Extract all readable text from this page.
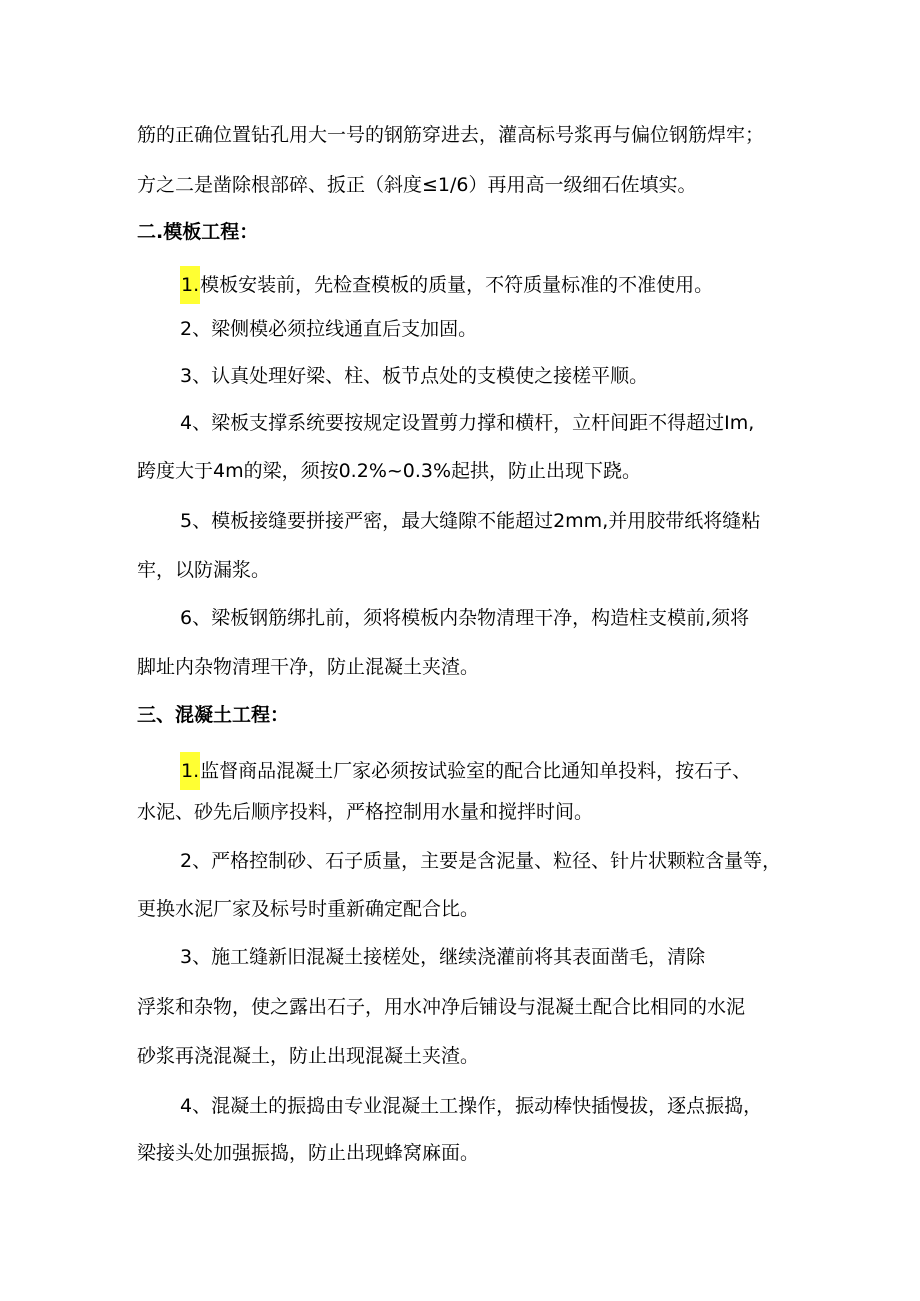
筋的正确位置钻孔用大一号的钢筋穿进去，灌高标号浆再与偏位钢筋焊牢；
方之二是凿除根部碎、扳正（斜度≤1/6）再用高一级细石佐填实。
二.模板工程：
1.模板安装前，先检查模板的质量，不符质量标准的不准使用。
2、梁侧模必须拉线通直后支加固。
3、认真处理好梁、柱、板节点处的支模使之接槎平顺。
4、梁板支撑系统要按规定设置剪力撑和横杆，立杆间距不得超过Im,
跨度大于4m的梁，须按0.2%~0.3%起拱，防止出现下跷。
5、模板接缝要拼接严密，最大缝隙不能超过2mm,并用胶带纸将缝粘
牢，以防漏浆。
6、梁板钢筋绑扎前，须将模板内杂物清理干净，构造柱支模前,须将
脚址内杂物清理干净，防止混凝土夹渣。
三、混凝土工程：
1.监督商品混凝土厂家必须按试验室的配合比通知单投料，按石子、
水泥、砂先后顺序投料，严格控制用水量和搅拌时间。
2、严格控制砂、石子质量，主要是含泥量、粒径、针片状颗粒含量等，
更换水泥厂家及标号时重新确定配合比。
3、施工缝新旧混凝土接槎处，继续浇灌前将其表面凿毛，清除
浮浆和杂物，使之露出石子，用水冲净后铺设与混凝土配合比相同的水泥
砂浆再浇混凝土，防止出现混凝土夹渣。
4、混凝土的振捣由专业混凝土工操作，振动棒快插慢拔，逐点振捣，
梁接头处加强振捣，防止出现蜂窝麻面。
